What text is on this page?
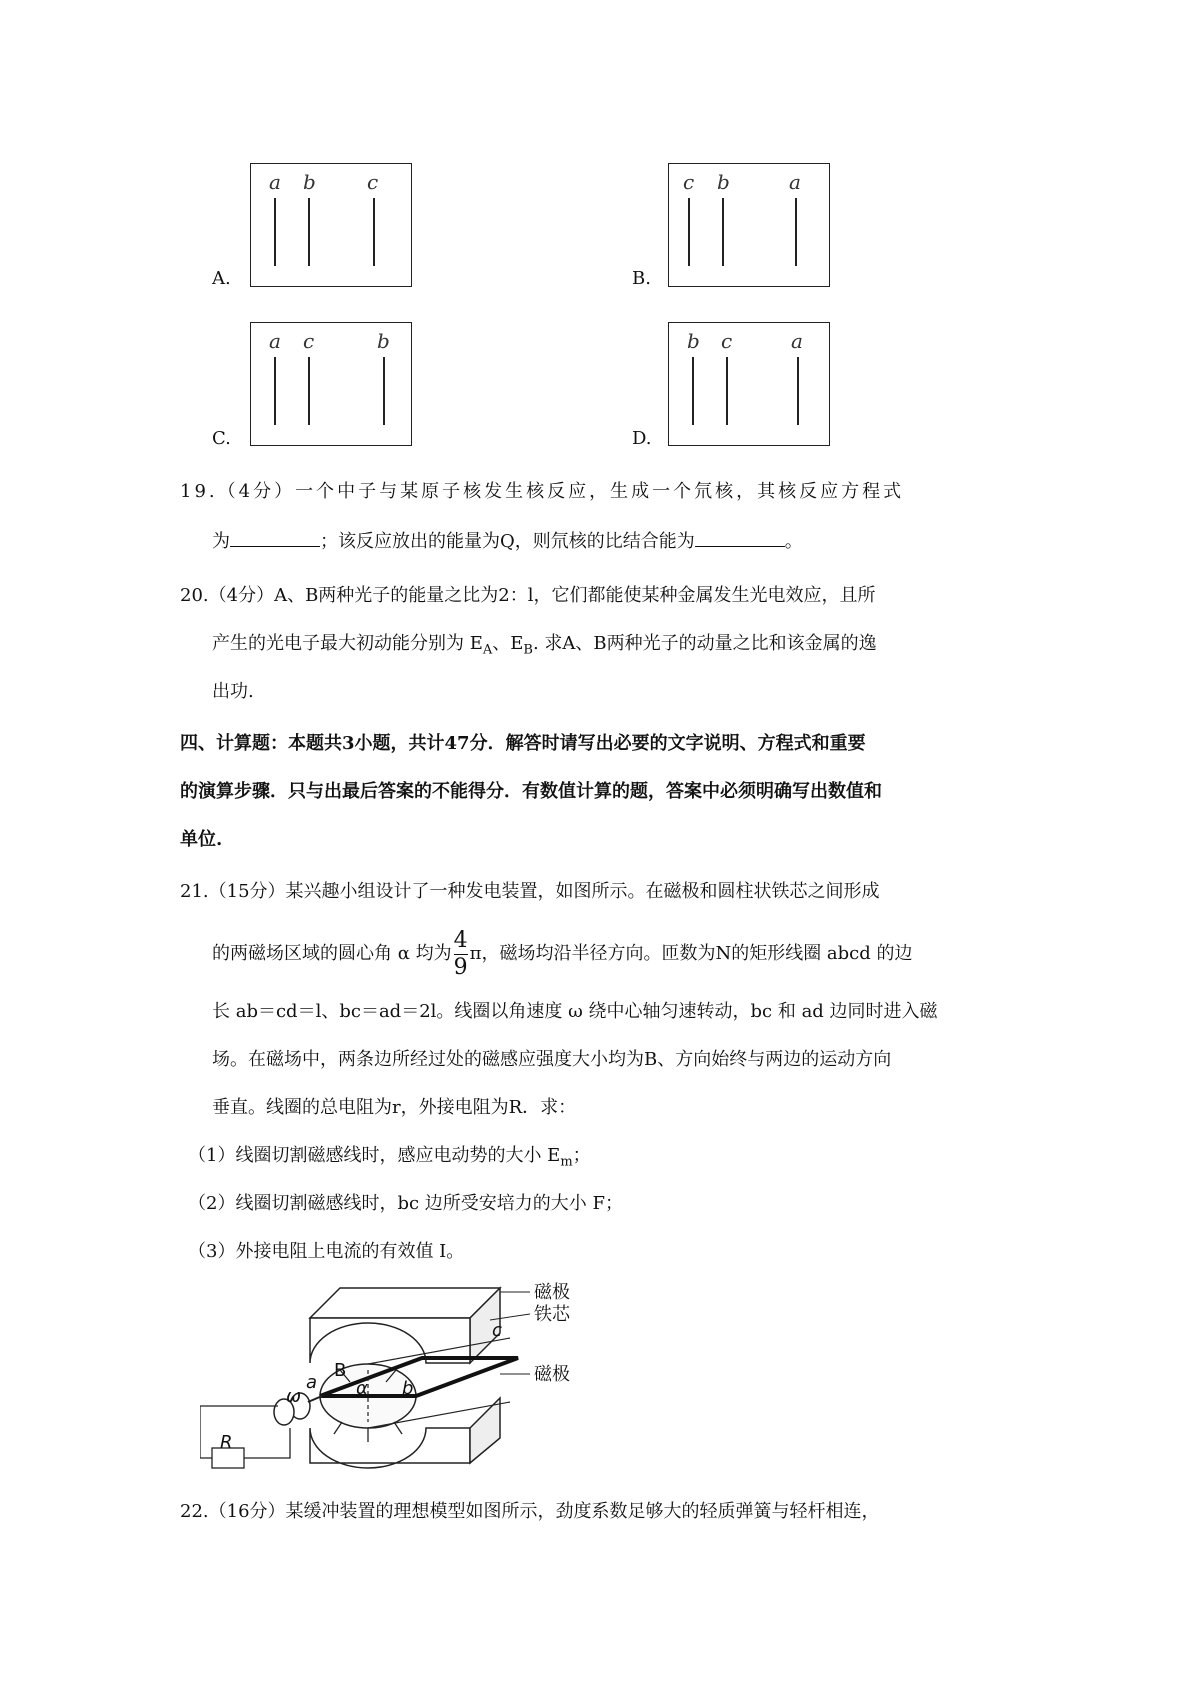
A.
a b	c
B.
c b	a
C.
a c	b
D.
b c	a
19.（4分）一个中子与某原子核发生核反应，生成一个氘核，其核反应方程式
为	；该反应放出的能量为Q，则氘核的比结合能为	。
20.（4分）A、B两种光子的能量之比为2：l，它们都能使某种金属发生光电效应，且所
产生的光电子最大初动能分别为 $E_A$、$E_B$. 求A、B两种光子的动量之比和该金属的逸
出功.
四、计算题：本题共3小题，共计47分．解答时请写出必要的文字说明、方程式和重要
的演算步骤．只与出最后答案的不能得分．有数值计算的题，答案中必须明确写出数值和
单位.
21.（15分）某兴趣小组设计了一种发电装置，如图所示。在磁极和圆柱状铁芯之间形成
的两磁场区域的圆心角 α 均为 $\frac{4}{9}$ π，磁场均沿半径方向。匝数为N的矩形线圈 abcd 的边
长 ab＝cd＝l、bc＝ad＝2l。线圈以角速度 ω 绕中心轴匀速转动，bc 和 ad 边同时进入磁
场。在磁场中，两条边所经过处的磁感应强度大小均为B、方向始终与两边的运动方向
垂直。线圈的总电阻为r，外接电阻为R．求：
（1）线圈切割磁感线时，感应电动势的大小 $E_m$；
（2）线圈切割磁感线时，bc 边所受安培力的大小 F；
（3）外接电阻上电流的有效值 I。
磁极
铁芯
磁极
c
a	b
B
α
ω
R
22.（16分）某缓冲装置的理想模型如图所示，劲度系数足够大的轻质弹簧与轻杆相连，
